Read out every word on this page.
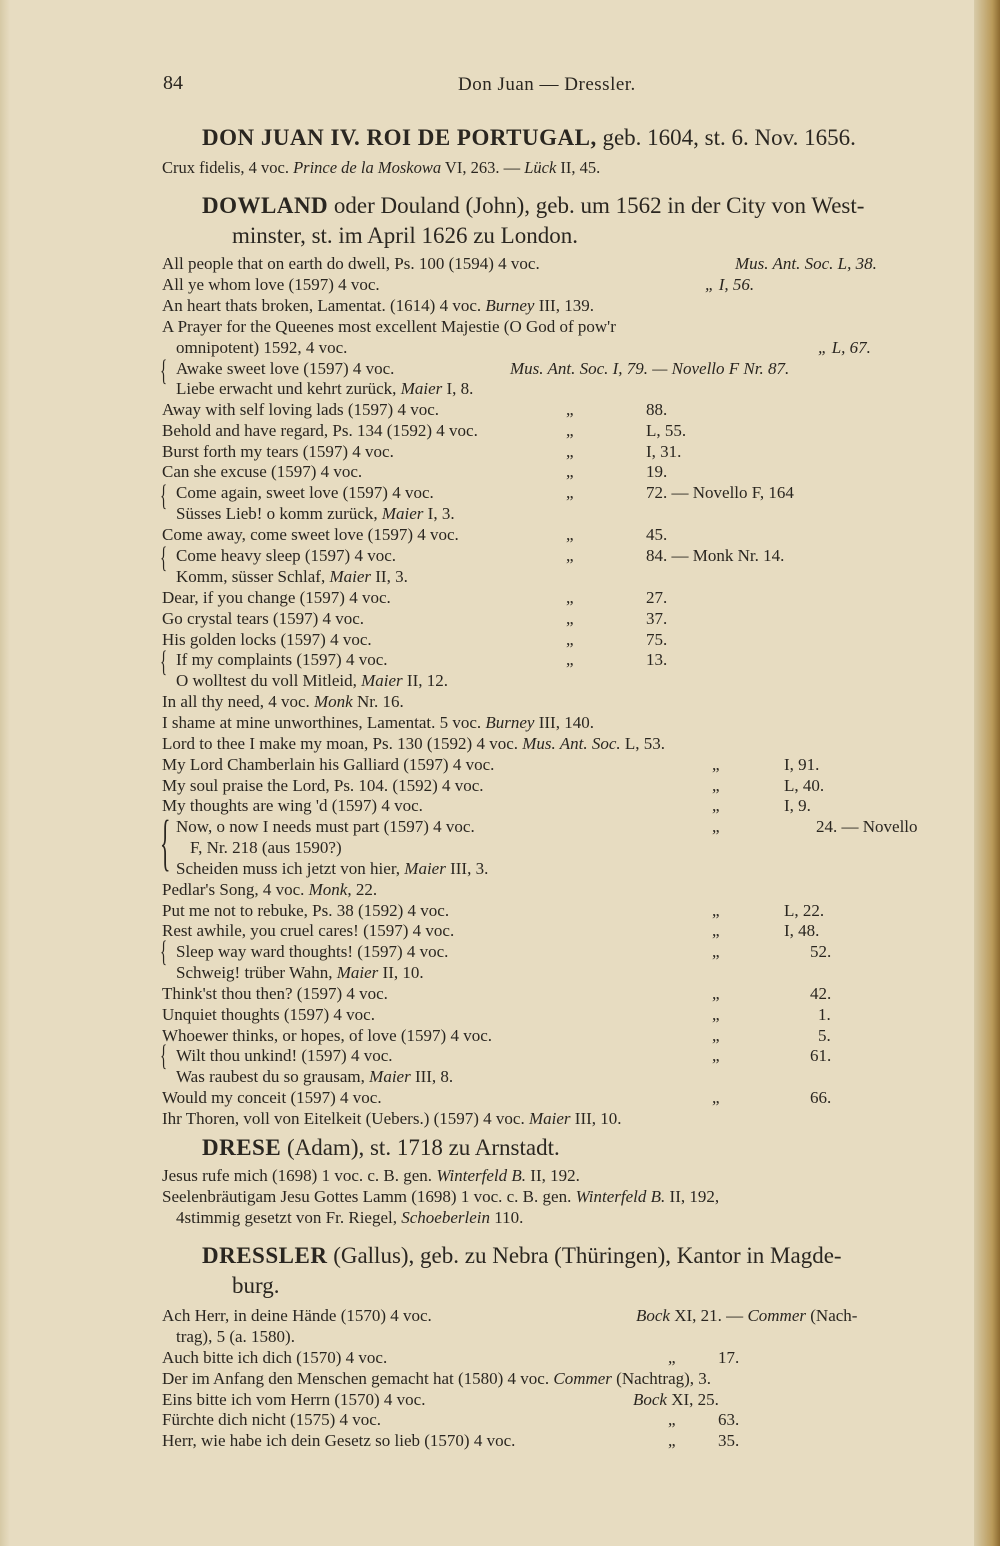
84	Don Juan — Dressler.
DON JUAN IV. ROI DE PORTUGAL, geb. 1604, st. 6. Nov. 1656.
Crux fidelis, 4 voc. Prince de la Moskowa VI, 263. — Lück II, 45.
DOWLAND oder Douland (John), geb. um 1562 in der City von West-
minster, st. im April 1626 zu London.
All people that on earth do dwell, Ps. 100 (1594) 4 voc.	Mus. Ant. Soc. L, 38.
All ye whom love (1597) 4 voc.	„ I, 56.
An heart thats broken, Lamentat. (1614) 4 voc. Burney III, 139.
A Prayer for the Queenes most excellent Majestie (O God of pow'r
omnipotent) 1592, 4 voc.	„ L, 67.
Awake sweet love (1597) 4 voc.	Mus. Ant. Soc. I, 79. — Novello F Nr. 87.
Liebe erwacht und kehrt zurück, Maier I, 8.
Away with self loving lads (1597) 4 voc.	„	88.
Behold and have regard, Ps. 134 (1592) 4 voc.	„	L, 55.
Burst forth my tears (1597) 4 voc.	„	I, 31.
Can she excuse (1597) 4 voc.	„	19.
Come again, sweet love (1597) 4 voc.	„	72. — Novello F, 164
Süsses Lieb! o komm zurück, Maier I, 3.
Come away, come sweet love (1597) 4 voc.	„	45.
Come heavy sleep (1597) 4 voc.	„	84. — Monk Nr. 14.
Komm, süsser Schlaf, Maier II, 3.
Dear, if you change (1597) 4 voc.	„	27.
Go crystal tears (1597) 4 voc.	„	37.
His golden locks (1597) 4 voc.	„	75.
If my complaints (1597) 4 voc.	„	13.
O wolltest du voll Mitleid, Maier II, 12.
In all thy need, 4 voc. Monk Nr. 16.
I shame at mine unworthines, Lamentat. 5 voc. Burney III, 140.
Lord to thee I make my moan, Ps. 130 (1592) 4 voc. Mus. Ant. Soc. L, 53.
My Lord Chamberlain his Galliard (1597) 4 voc.	„	I, 91.
My soul praise the Lord, Ps. 104. (1592) 4 voc.	„	L, 40.
My thoughts are wing 'd (1597) 4 voc.	„	I, 9.
Now, o now I needs must part (1597) 4 voc.	„	24. — Novello
F, Nr. 218 (aus 1590?)
Scheiden muss ich jetzt von hier, Maier III, 3.
Pedlar's Song, 4 voc. Monk, 22.
Put me not to rebuke, Ps. 38 (1592) 4 voc.	„	L, 22.
Rest awhile, you cruel cares! (1597) 4 voc.	„	I, 48.
Sleep way ward thoughts! (1597) 4 voc.	„	52.
Schweig! trüber Wahn, Maier II, 10.
Think'st thou then? (1597) 4 voc.	„	42.
Unquiet thoughts (1597) 4 voc.	„	1.
Whoewer thinks, or hopes, of love (1597) 4 voc.	„	5.
Wilt thou unkind! (1597) 4 voc.	„	61.
Was raubest du so grausam, Maier III, 8.
Would my conceit (1597) 4 voc.	„	66.
Ihr Thoren, voll von Eitelkeit (Uebers.) (1597) 4 voc. Maier III, 10.
DRESE (Adam), st. 1718 zu Arnstadt.
Jesus rufe mich (1698) 1 voc. c. B. gen. Winterfeld B. II, 192.
Seelenbräutigam Jesu Gottes Lamm (1698) 1 voc. c. B. gen. Winterfeld B. II, 192,
4stimmig gesetzt von Fr. Riegel, Schoeberlein 110.
DRESSLER (Gallus), geb. zu Nebra (Thüringen), Kantor in Magde-
burg.
Ach Herr, in deine Hände (1570) 4 voc.	Bock XI, 21. — Commer (Nach-
trag), 5 (a. 1580).
Auch bitte ich dich (1570) 4 voc.	„ 17.
Der im Anfang den Menschen gemacht hat (1580) 4 voc. Commer (Nachtrag), 3.
Eins bitte ich vom Herrn (1570) 4 voc.	Bock XI, 25.
Fürchte dich nicht (1575) 4 voc.	„ 63.
Herr, wie habe ich dein Gesetz so lieb (1570) 4 voc.	„ 35.
{
{
{
{
{
{
{
